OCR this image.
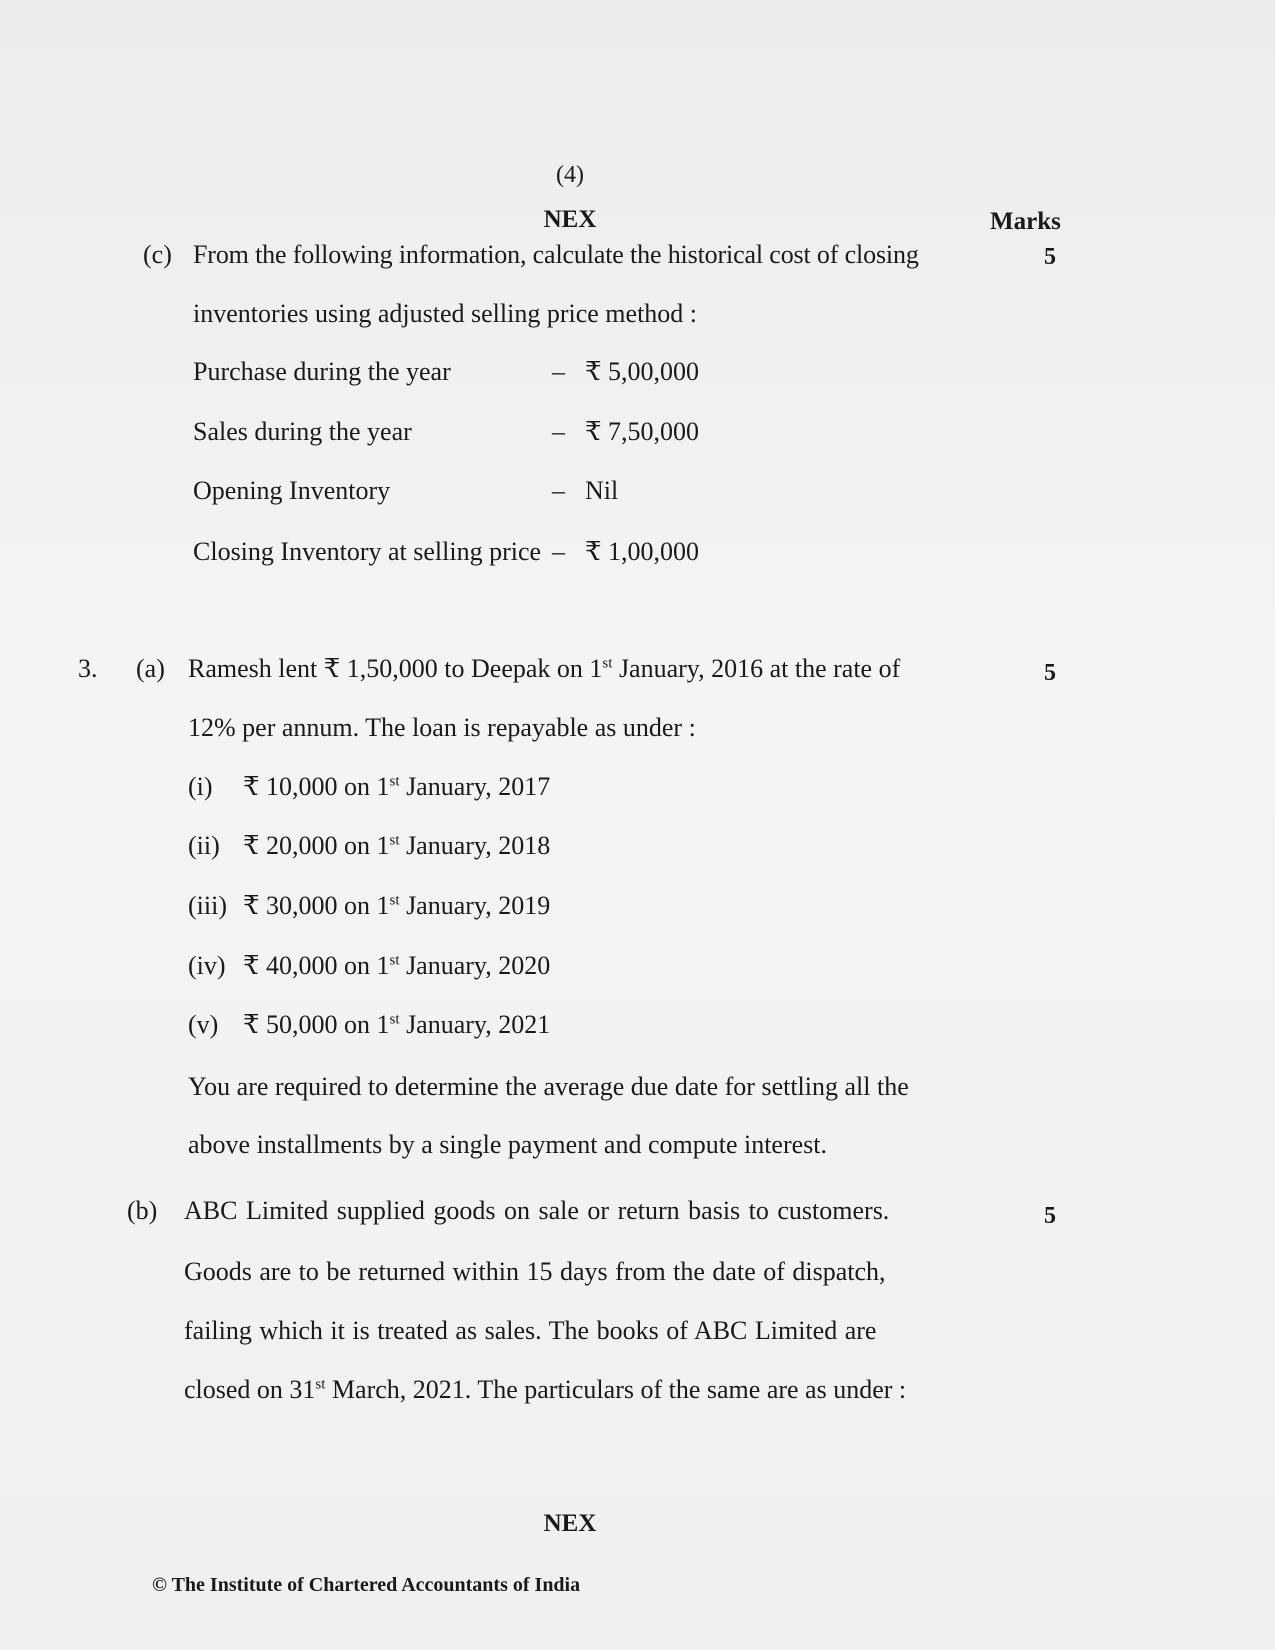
(4)
NEX	Marks
(c) From the following information, calculate the historical cost of closing	5
inventories using adjusted selling price method :
Purchase during the year	– ₹ 5,00,000
Sales during the year	– ₹ 7,50,000
Opening Inventory	– Nil
Closing Inventory at selling price – ₹ 1,00,000
3. (a) Ramesh lent ₹ 1,50,000 to Deepak on 1st January, 2016 at the rate of	5
12% per annum. The loan is repayable as under :
(i) ₹ 10,000 on 1st January, 2017
(ii) ₹ 20,000 on 1st January, 2018
(iii) ₹ 30,000 on 1st January, 2019
(iv) ₹ 40,000 on 1st January, 2020
(v) ₹ 50,000 on 1st January, 2021
You are required to determine the average due date for settling all the
above installments by a single payment and compute interest.
(b) ABC Limited supplied goods on sale or return basis to customers.	5
Goods are to be returned within 15 days from the date of dispatch,
failing which it is treated as sales. The books of ABC Limited are
closed on 31st March, 2021. The particulars of the same are as under :
NEX
© The Institute of Chartered Accountants of India
